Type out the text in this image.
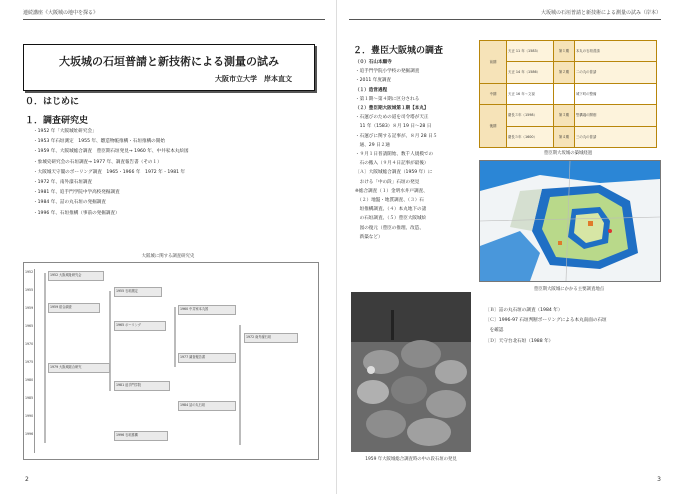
連続講座《大阪城の地中を探る》
大坂城の石垣普請と新技術による測量の試み
大阪市立大学　岸本直文
０．はじめに
１．調査研究史
・1952 年「大阪城址研究会」
・1953 年石垣測定　1955 年、雛造物帳推構・石垣推構の開始
・1959 年、大阪城総合調査　豊臣期石垣発見→ 1960 年、中井家本丸絵図
・象城史研究会の石垣調査→ 1977 年、調査報告書（その１）
・大阪城天守閣のボーリング調査　1965・1966 年　1972 年・1981 年
・1972 年、南外濠石垣調査
・1981 年、追手門学院中学高校発掘調査
・1984 年、詰の丸石垣の発掘調査
・1996 年、石垣推構（事前の発掘調査）
大阪城に関する調査研究史
1952
1955
1959
1965
1970
1975
1980
1985
1990
1996
1952 大阪城址研究会
1955 石垣測定
1959 総合調査	1960 中井家本丸図
1965 ボーリング
1972 南外濠石垣
1977 調査報告書
1979 大阪城総合研究
1981 追手門学院
1984 詰の丸石垣
1996 石垣推構
2
大坂城の石垣普請と新技術による測量の試み（岸本）
２．豊臣大阪城の調査
（０）石山本願寺
・追手門学院小学校の発掘調査
・2011 年度調査
（１）造営過程
・第１期～第４期に区分される
（２）豊臣期大阪城第１期【本丸】
・石運びのための道を司令塔が天正
　11 年（1583）８月 19 日～28 日
・石運びに関する記事が、８月 28 日５
　通、29 日２通
・９月１日普請開始、数千人規模での
　石の搬入（９月４日記事が最後）
〔Ａ〕大阪城総合調査（1959 年）に
　おける「中の段」石垣の発見
※総合調査（１）金明水井戸調査、
　（２）地盤・地質調査、（３）石
　垣推構調査、（４）本丸地下の諸
　の石垣調査、（５）豊臣大阪城絵
　図の復元（豊臣の推理、改造、
　新築など）
前期	天正 11 年（1583）	第１期	本丸の石垣普請
	天正 14 年（1586）	第２期	二の丸の普請
中期	天正 16 年〜文禄		城下町の整備
後期	慶長３年（1598）	第３期	惣構堀の開削
	慶長５年（1600）	第４期	三の丸の普請
豊臣期大坂城の築城経過
豊臣期大阪城にかかる主要調査地点
1959 年大阪城総合調査時の中の段石垣の発見
〔Ｂ〕詰の丸石垣の調査（1984 年）
〔Ｃ〕1996-97 石垣判断ボーリングによる本丸南面の石垣
　を確認
〔Ｄ〕天守台北石垣（1988 年）
3
